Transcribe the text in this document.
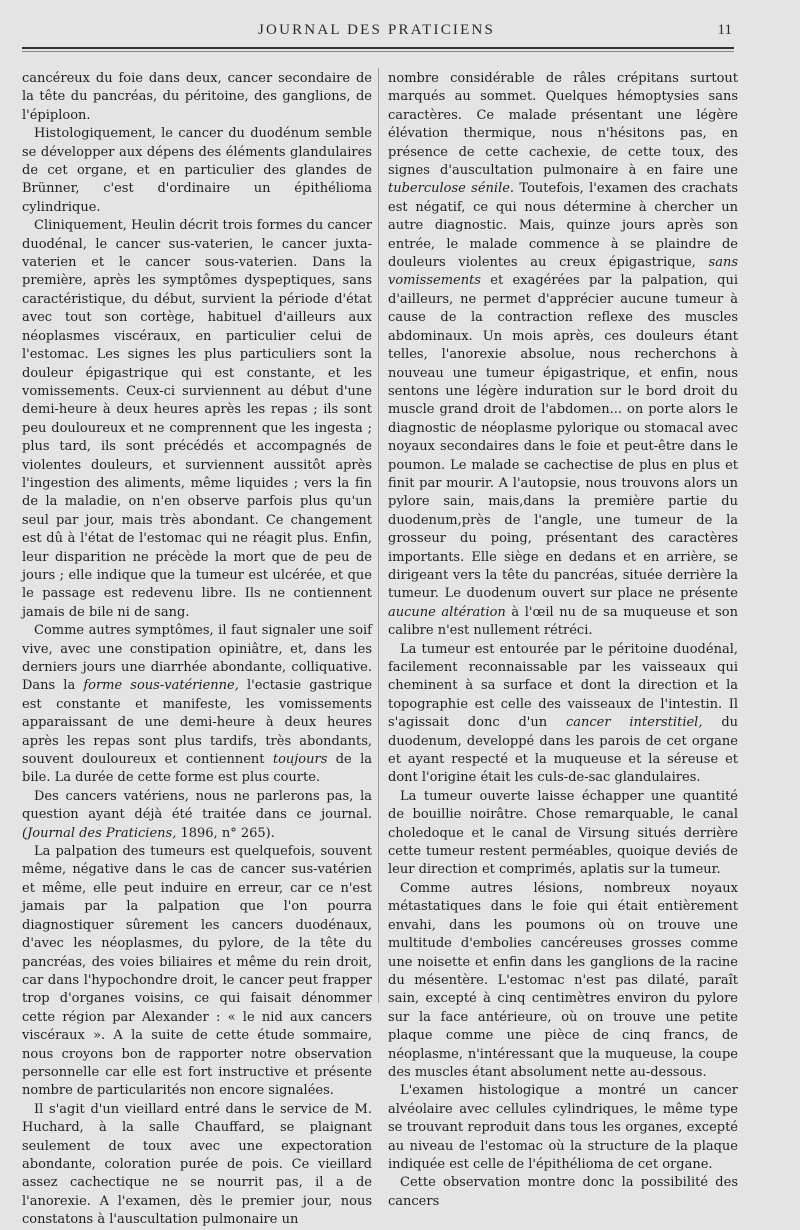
JOURNAL DES PRATICIENS	11

cancéreux du foie dans deux, cancer secondaire de la tête du pancréas, du péritoine, des ganglions, de l'épiploon.

Histologiquement, le cancer du duodénum semble se développer aux dépens des éléments glandulaires de cet organe, et en particulier des glandes de Brünner, c'est d'ordinaire un épithélioma cylindrique.

Cliniquement, Heulin décrit trois formes du cancer duodénal, le cancer sus-vaterien, le cancer juxta-vaterien et le cancer sous-vaterien. Dans la première, après les symptômes dyspeptiques, sans caractéristique, du début, survient la période d'état avec tout son cortège, habituel d'ailleurs aux néoplasmes viscéraux, en particulier celui de l'estomac. Les signes les plus particuliers sont la douleur épigastrique qui est constante, et les vomissements. Ceux-ci surviennent au début d'une demi-heure à deux heures après les repas ; ils sont peu douloureux et ne comprennent que les ingesta ; plus tard, ils sont précédés et accompagnés de violentes douleurs, et surviennent aussitôt après l'ingestion des aliments, même liquides ; vers la fin de la maladie, on n'en observe parfois plus qu'un seul par jour, mais très abondant. Ce changement est dû à l'état de l'estomac qui ne réagit plus. Enfin, leur disparition ne précède la mort que de peu de jours ; elle indique que la tumeur est ulcérée, et que le passage est redevenu libre. Ils ne contiennent jamais de bile ni de sang.

Comme autres symptômes, il faut signaler une soif vive, avec une constipation opiniâtre, et, dans les derniers jours une diarrhée abondante, colliquative. Dans la forme sous-vatérienne, l'ectasie gastrique est constante et manifeste, les vomissements apparaissant de une demi-heure à deux heures après les repas sont plus tardifs, très abondants, souvent douloureux et contiennent toujours de la bile. La durée de cette forme est plus courte.

Des cancers vatériens, nous ne parlerons pas, la question ayant déjà été traitée dans ce journal. (Journal des Praticiens, 1896, n° 265).

La palpation des tumeurs est quelquefois, souvent même, négative dans le cas de cancer sus-vatérien et même, elle peut induire en erreur, car ce n'est jamais par la palpation que l'on pourra diagnostiquer sûrement les cancers duodénaux, d'avec les néoplasmes, du pylore, de la tête du pancréas, des voies biliaires et même du rein droit, car dans l'hypochondre droit, le cancer peut frapper trop d'organes voisins, ce qui faisait dénommer cette région par Alexander : « le nid aux cancers viscéraux ». A la suite de cette étude sommaire, nous croyons bon de rapporter notre observation personnelle car elle est fort instructive et présente nombre de particularités non encore signalées.

Il s'agit d'un vieillard entré dans le service de M. Huchard, à la salle Chauffard, se plaignant seulement de toux avec une expectoration abondante, coloration purée de pois. Ce vieillard assez cachectique ne se nourrit pas, il a de l'anorexie. A l'examen, dès le premier jour, nous constatons à l'auscultation pulmonaire un

nombre considérable de râles crépitans surtout marqués au sommet. Quelques hémoptysies sans caractères. Ce malade présentant une légère élévation thermique, nous n'hésitons pas, en présence de cette cachexie, de cette toux, des signes d'auscultation pulmonaire à en faire une tuberculose sénile. Toutefois, l'examen des crachats est négatif, ce qui nous détermine à chercher un autre diagnostic. Mais, quinze jours après son entrée, le malade commence à se plaindre de douleurs violentes au creux épigastrique, sans vomissements et exagérées par la palpation, qui d'ailleurs, ne permet d'apprécier aucune tumeur à cause de la contraction reflexe des muscles abdominaux. Un mois après, ces douleurs étant telles, l'anorexie absolue, nous recherchons à nouveau une tumeur épigastrique, et enfin, nous sentons une légère induration sur le bord droit du muscle grand droit de l'abdomen... on porte alors le diagnostic de néoplasme pylorique ou stomacal avec noyaux secondaires dans le foie et peut-être dans le poumon. Le malade se cachectise de plus en plus et finit par mourir. A l'autopsie, nous trouvons alors un pylore sain, mais,dans la première partie du duodenum,près de l'angle, une tumeur de la grosseur du poing, présentant des caractères importants. Elle siège en dedans et en arrière, se dirigeant vers la tête du pancréas, située derrière la tumeur. Le duodenum ouvert sur place ne présente aucune altération à l'œil nu de sa muqueuse et son calibre n'est nullement rétréci.

La tumeur est entourée par le péritoine duodénal, facilement reconnaissable par les vaisseaux qui cheminent à sa surface et dont la direction et la topographie est celle des vaisseaux de l'intestin. Il s'agissait donc d'un cancer interstitiel, du duodenum, developpé dans les parois de cet organe et ayant respecté et la muqueuse et la séreuse et dont l'origine était les culs-de-sac glandulaires.

La tumeur ouverte laisse échapper une quantité de bouillie noirâtre. Chose remarquable, le canal choledoque et le canal de Virsung situés derrière cette tumeur restent perméables, quoique deviés de leur direction et comprimés, aplatis sur la tumeur.

Comme autres lésions, nombreux noyaux métastatiques dans le foie qui était entièrement envahi, dans les poumons où on trouve une multitude d'embolies cancéreuses grosses comme une noisette et enfin dans les ganglions de la racine du mésentère. L'estomac n'est pas dilaté, paraît sain, excepté à cinq centimètres environ du pylore sur la face antérieure, où on trouve une petite plaque comme une pièce de cinq francs, de néoplasme, n'intéressant que la muqueuse, la coupe des muscles étant absolument nette au-dessous.

L'examen histologique a montré un cancer alvéolaire avec cellules cylindriques, le même type se trouvant reproduit dans tous les organes, excepté au niveau de l'estomac où la structure de la plaque indiquée est celle de l'épithélioma de cet organe.

Cette observation montre donc la possibilité des cancers
